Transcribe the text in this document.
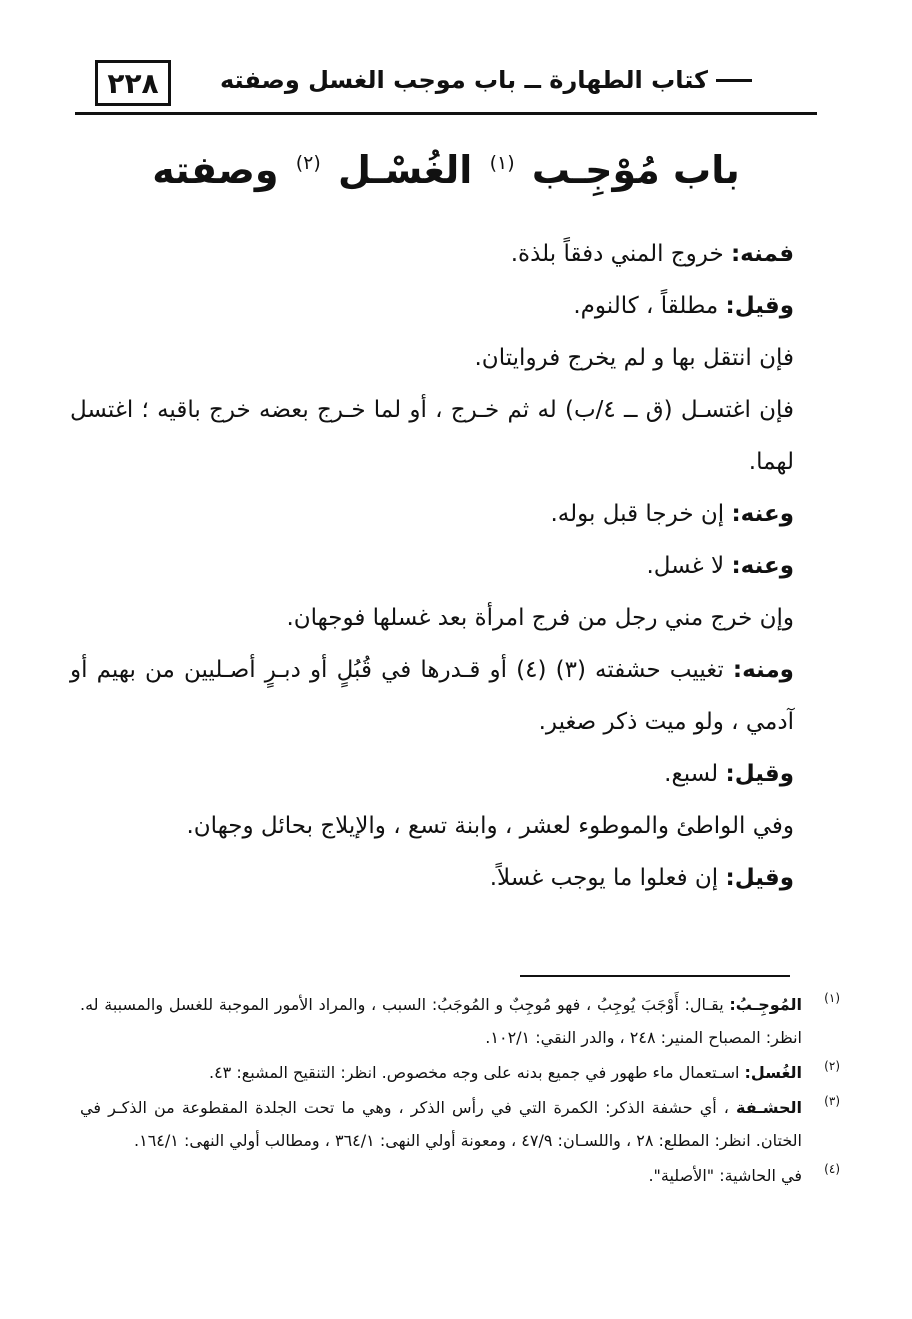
٢٢٨	كتاب الطهارة ــ باب موجب الغسل وصفته
باب مُوْجِـب $^{(١)}$ الغُسْـل $^{(٢)}$ وصفته

فمنه: خروج المني دفقاً بلذة.

وقيل: مطلقاً ، كالنوم.

فإن انتقل بها و لم يخرج فروايتان.

فإن اغتسـل (ق ــ ٤/ب) له ثم خـرج ، أو لما خـرج بعضه خرج باقيه ؛ اغتسل لهما.

وعنه: إن خرجا قبل بوله.

وعنه: لا غسل.

وإن خرج مني رجل من فرج امرأة بعد غسلها فوجهان.

ومنه: تغييب حشفته (٣) (٤) أو قـدرها في قُبُلٍ أو دبـرٍ أصـليين من بهيم أو آدمي ، ولو ميت ذكر صغير.

وقيل: لسبع.

وفي الواطئ والموطوء لعشر ، وابنة تسع ، والإيلاج بحائل وجهان.

وقيل: إن فعلوا ما يوجب غسلاً.

(١)
المُوجِـبُ: يقـال: أَوْجَبَ يُوجِبُ ، فهو مُوجِبٌ و المُوجَبُ: السبب ، والمراد الأمور الموجبة للغسل والمسببة له. انظر: المصباح المنير: ٢٤٨ ، والدر النقي: ١٠٢/١.
(٢)
الغُسل: اسـتعمال ماء طهور في جميع بدنه على وجه مخصوص. انظر: التنقيح المشبع: ٤٣.
(٣)
الحشـفة ، أي حشفة الذكر: الكمرة التي في رأس الذكر ، وهي ما تحت الجلدة المقطوعة من الذكـر في الختان. انظر: المطلع: ٢٨ ، واللسـان: ٤٧/٩ ، ومعونة أولي النهى: ٣٦٤/١ ، ومطالب أولي النهى: ١٦٤/١.
(٤)
في الحاشية: "الأصلية".
